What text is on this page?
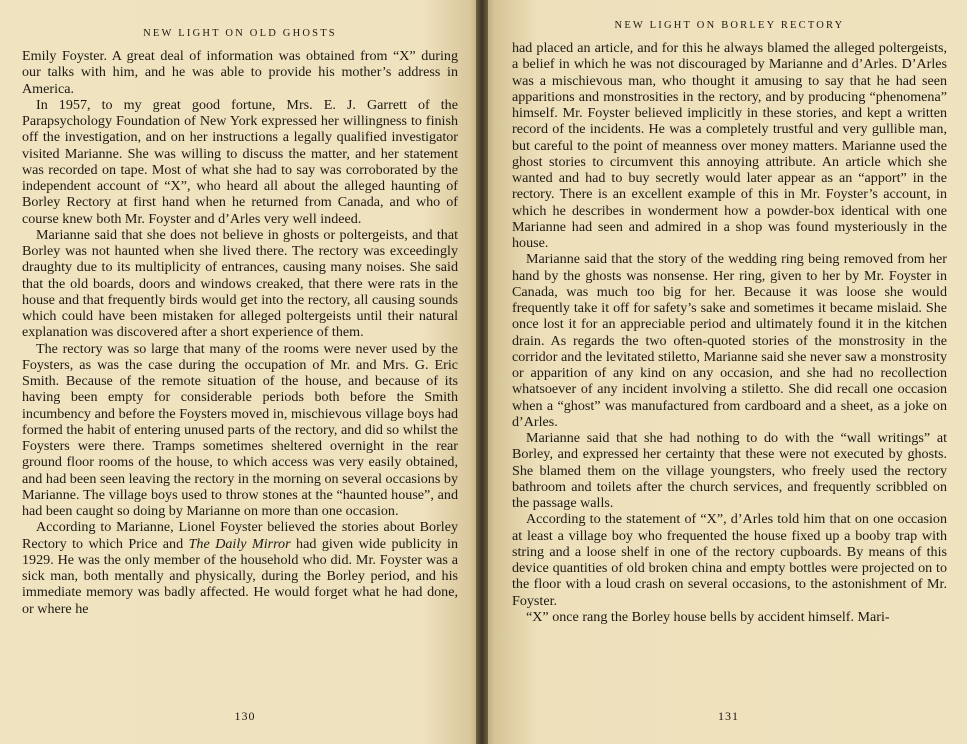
NEW LIGHT ON OLD GHOSTS

Emily Foyster. A great deal of information was obtained from “X” during our talks with him, and he was able to provide his mother’s address in America.

In 1957, to my great good fortune, Mrs. E. J. Garrett of the Parapsychology Foundation of New York expressed her willingness to finish off the investigation, and on her instructions a legally qualified investigator visited Marianne. She was willing to discuss the matter, and her statement was recorded on tape. Most of what she had to say was corroborated by the independent account of “X”, who heard all about the alleged haunting of Borley Rectory at first hand when he returned from Canada, and who of course knew both Mr. Foyster and d’Arles very well indeed.

Marianne said that she does not believe in ghosts or poltergeists, and that Borley was not haunted when she lived there. The rectory was exceedingly draughty due to its multiplicity of entrances, causing many noises. She said that the old boards, doors and windows creaked, that there were rats in the house and that frequently birds would get into the rectory, all causing sounds which could have been mistaken for alleged poltergeists until their natural explanation was discovered after a short experience of them.

The rectory was so large that many of the rooms were never used by the Foysters, as was the case during the occupation of Mr. and Mrs. G. Eric Smith. Because of the remote situation of the house, and because of its having been empty for considerable periods both before the Smith incumbency and before the Foysters moved in, mischievous village boys had formed the habit of entering unused parts of the rectory, and did so whilst the Foysters were there. Tramps sometimes sheltered overnight in the rear ground floor rooms of the house, to which access was very easily obtained, and had been seen leaving the rectory in the morning on several occasions by Marianne. The village boys used to throw stones at the “haunted house”, and had been caught so doing by Marianne on more than one occasion.

According to Marianne, Lionel Foyster believed the stories about Borley Rectory to which Price and The Daily Mirror had given wide publicity in 1929. He was the only member of the household who did. Mr. Foyster was a sick man, both mentally and physically, during the Borley period, and his immediate memory was badly affected. He would forget what he had done, or where he

130
NEW LIGHT ON BORLEY RECTORY

had placed an article, and for this he always blamed the alleged poltergeists, a belief in which he was not discouraged by Marianne and d’Arles. D’Arles was a mischievous man, who thought it amusing to say that he had seen apparitions and monstrosities in the rectory, and by producing “phenomena” himself. Mr. Foyster believed implicitly in these stories, and kept a written record of the incidents. He was a completely trustful and very gullible man, but careful to the point of meanness over money matters. Marianne used the ghost stories to circumvent this annoying attribute. An article which she wanted and had to buy secretly would later appear as an “apport” in the rectory. There is an excellent example of this in Mr. Foyster’s account, in which he describes in wonderment how a powder-box identical with one Marianne had seen and admired in a shop was found mysteriously in the house.

Marianne said that the story of the wedding ring being removed from her hand by the ghosts was nonsense. Her ring, given to her by Mr. Foyster in Canada, was much too big for her. Because it was loose she would frequently take it off for safety’s sake and sometimes it became mislaid. She once lost it for an appreciable period and ultimately found it in the kitchen drain. As regards the two often-quoted stories of the monstrosity in the corridor and the levitated stiletto, Marianne said she never saw a monstrosity or apparition of any kind on any occasion, and she had no recollection whatsoever of any incident involving a stiletto. She did recall one occasion when a “ghost” was manufactured from cardboard and a sheet, as a joke on d’Arles.

Marianne said that she had nothing to do with the “wall writings” at Borley, and expressed her certainty that these were not executed by ghosts. She blamed them on the village youngsters, who freely used the rectory bathroom and toilets after the church services, and frequently scribbled on the passage walls.

According to the statement of “X”, d’Arles told him that on one occasion at least a village boy who frequented the house fixed up a booby trap with string and a loose shelf in one of the rectory cupboards. By means of this device quantities of old broken china and empty bottles were projected on to the floor with a loud crash on several occasions, to the astonishment of Mr. Foyster.

“X” once rang the Borley house bells by accident himself. Mari-

131
